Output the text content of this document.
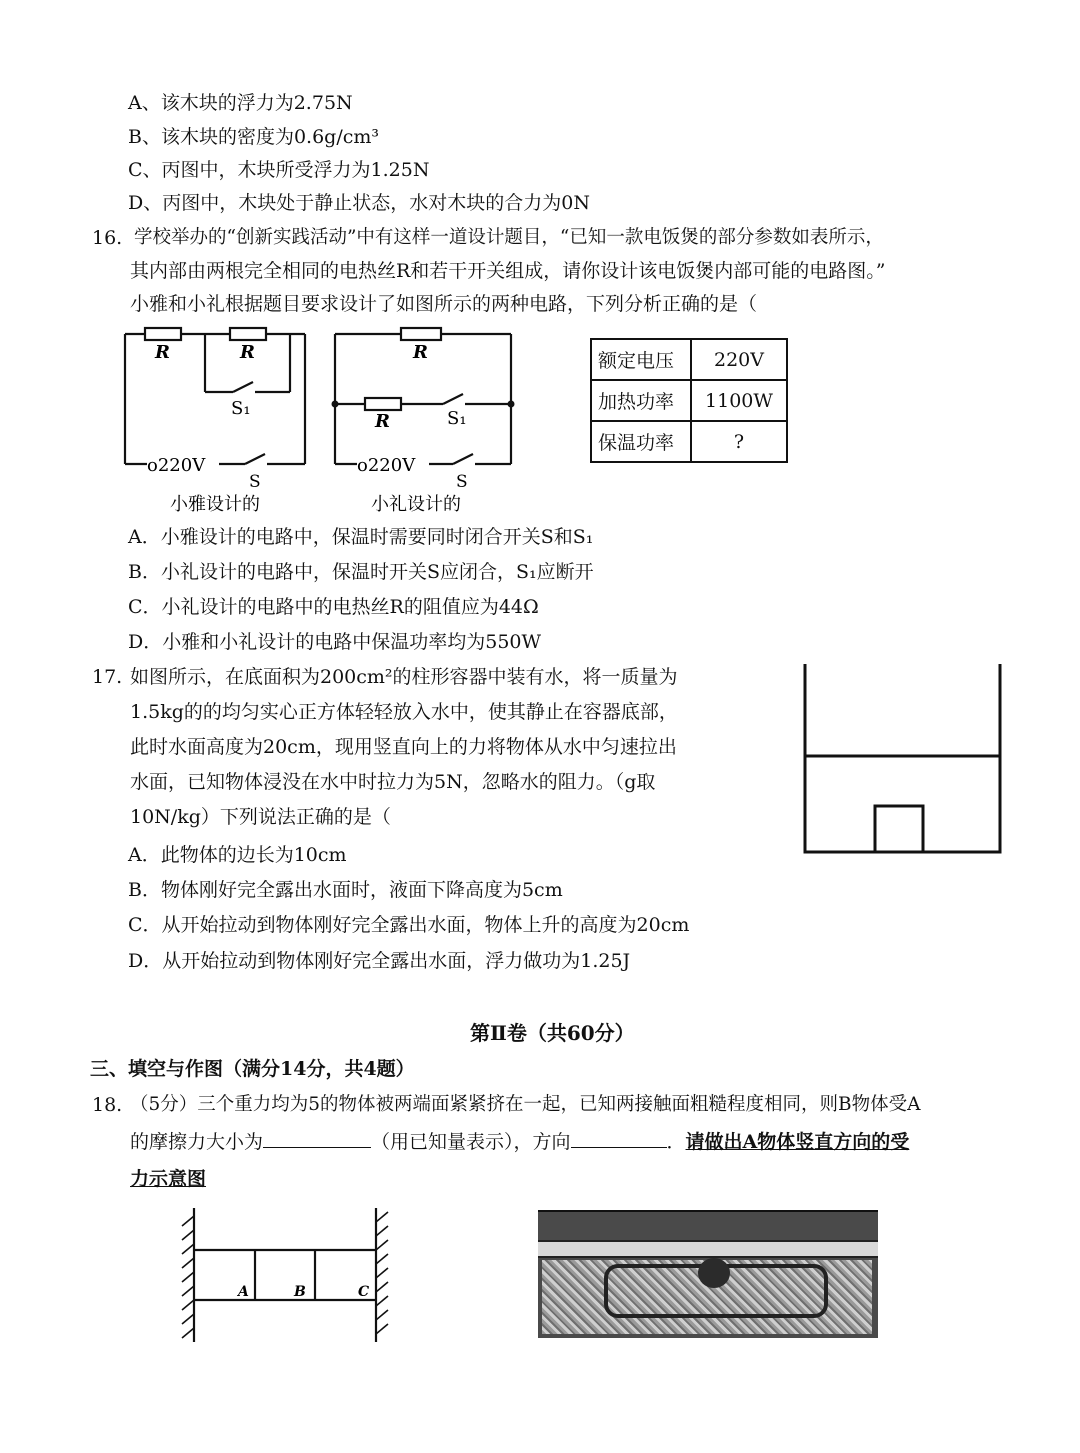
A、该木块的浮力为2.75N
B、该木块的密度为0.6g/cm³
C、丙图中，木块所受浮力为1.25N
D、丙图中，木块处于静止状态，水对木块的合力为0N
16. 学校举办的“创新实践活动”中有这样一道设计题目，“已知一款电饭煲的部分参数如表所示，
其内部由两根完全相同的电热丝R和若干开关组成，请你设计该电饭煲内部可能的电路图。”
小雅和小礼根据题目要求设计了如图所示的两种电路，下列分析正确的是（
R	R
S₁
o220V
S
小雅设计的
R
R	S₁
o220V
S
小礼设计的
额定电压	220V
加热功率	1100W
保温功率	?
A．小雅设计的电路中，保温时需要同时闭合开关S和S₁
B．小礼设计的电路中，保温时开关S应闭合，S₁应断开
C．小礼设计的电路中的电热丝R的阻值应为44Ω
D．小雅和小礼设计的电路中保温功率均为550W
17. 如图所示，在底面积为200cm²的柱形容器中装有水，将一质量为
1.5kg的的均匀实心正方体轻轻放入水中，使其静止在容器底部，
此时水面高度为20cm，现用竖直向上的力将物体从水中匀速拉出
水面，已知物体浸没在水中时拉力为5N，忽略水的阻力。（g取
10N/kg）下列说法正确的是（
A．此物体的边长为10cm
B．物体刚好完全露出水面时，液面下降高度为5cm
C．从开始拉动到物体刚好完全露出水面，物体上升的高度为20cm
D．从开始拉动到物体刚好完全露出水面，浮力做功为1.25J
第Ⅱ卷（共60分）
三、填空与作图（满分14分，共4题）
18. （5分）三个重力均为5的物体被两端面紧紧挤在一起，已知两接触面粗糙程度相同，则B物体受A
的摩擦力大小为	（用已知量表示），方向	．请做出A物体竖直方向的受
力示意图
A	B	C
